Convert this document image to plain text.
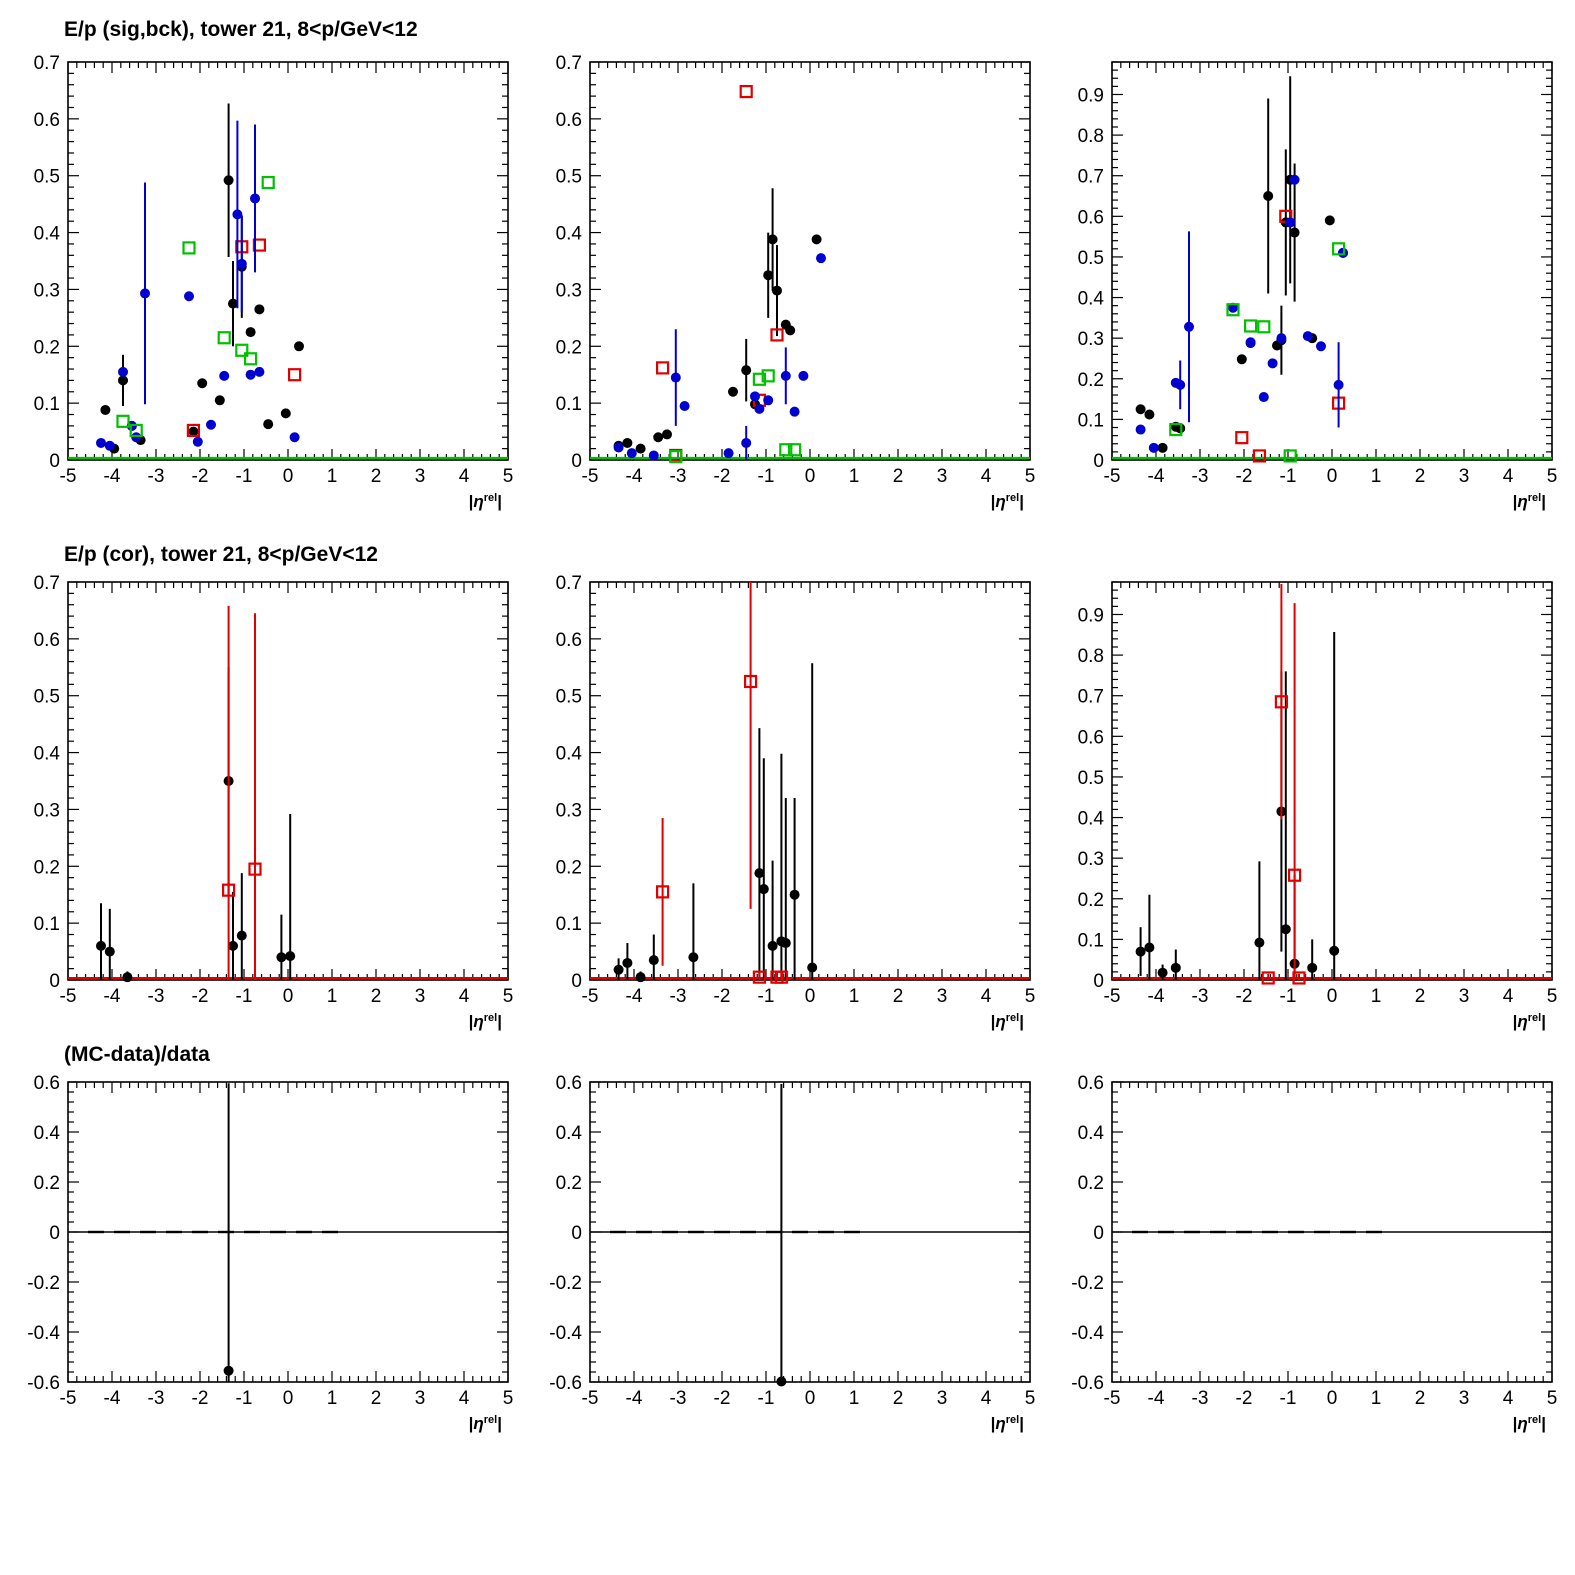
E/p (sig,bck), tower 21, 8<p/GeV<12
E/p (cor), tower 21, 8<p/GeV<12
(MC-data)/data
-5 -4 -3 -2 -1 0 1 2 3 4 5
0
0.1
0.2
0.3
0.4
0.5
0.6
0.7
$|\eta^{rel}|$
-5 -4 -3 -2 -1 0 1 2 3 4 5
0
0.1
0.2
0.3
0.4
0.5
0.6
0.7
$|\eta^{rel}|$
-5 -4 -3 -2 -1 0 1 2 3 4 5
0
0.1
0.2
0.3
0.4
0.5
0.6
0.7
0.8
0.9
$|\eta^{rel}|$
-5 -4 -3 -2 -1 0 1 2 3 4 5
0
0.1
0.2
0.3
0.4
0.5
0.6
0.7
$|\eta^{rel}|$
-5 -4 -3 -2 -1 0 1 2 3 4 5
0
0.1
0.2
0.3
0.4
0.5
0.6
0.7
$|\eta^{rel}|$
-5 -4 -3 -2 -1 0 1 2 3 4 5
0
0.1
0.2
0.3
0.4
0.5
0.6
0.7
0.8
0.9
$|\eta^{rel}|$
-5 -4 -3 -2 -1 0 1 2 3 4 5
-0.6
-0.4
-0.2
0
0.2
0.4
0.6
$|\eta^{rel}|$
-5 -4 -3 -2 -1 0 1 2 3 4 5
-0.6
-0.4
-0.2
0
0.2
0.4
0.6
$|\eta^{rel}|$
-5 -4 -3 -2 -1 0 1 2 3 4 5
-0.6
-0.4
-0.2
0
0.2
0.4
0.6
$|\eta^{rel}|$
